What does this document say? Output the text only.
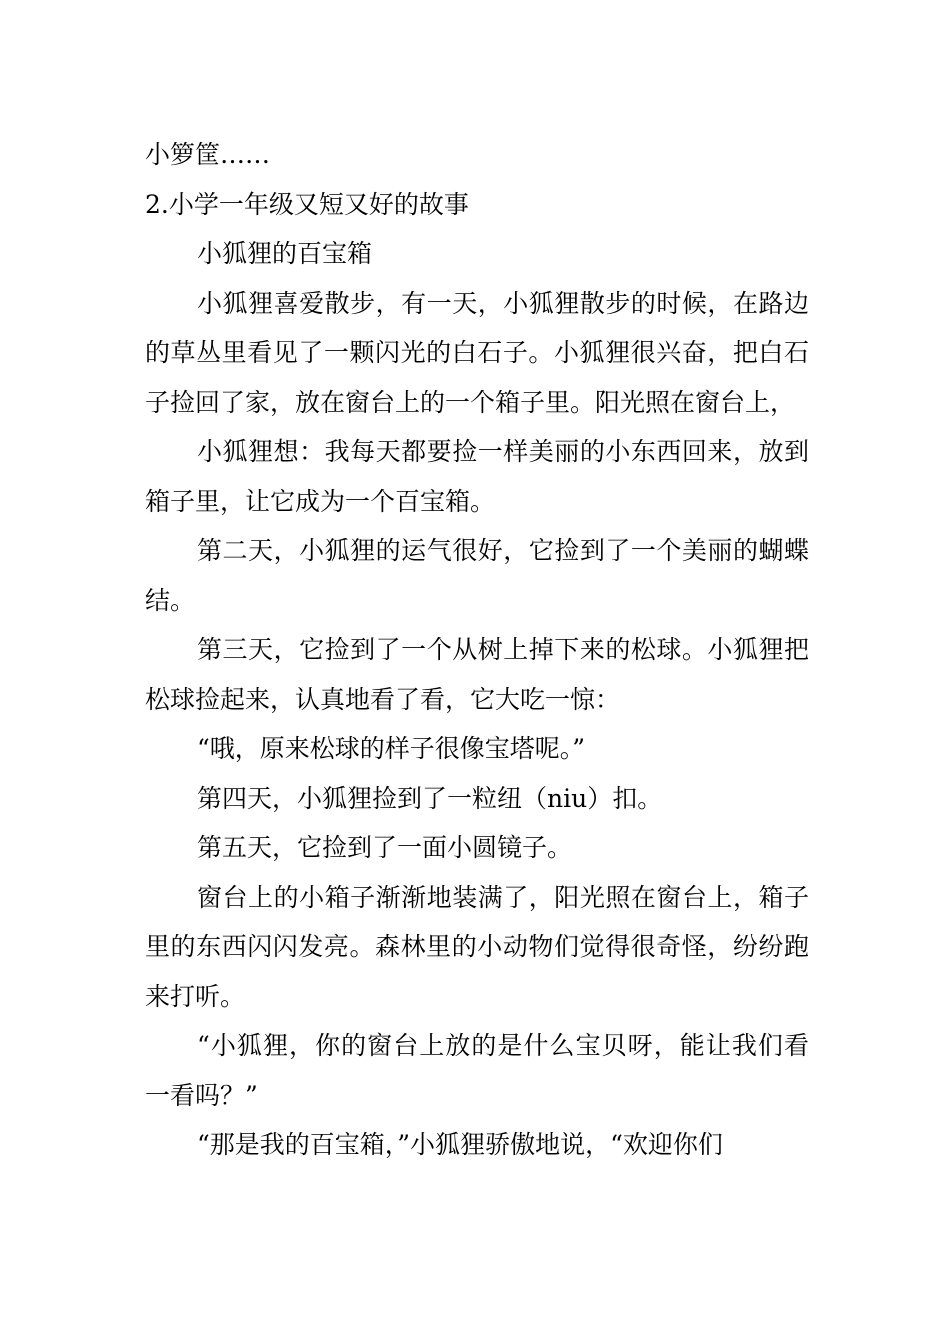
小箩筐……

2.小学一年级又短又好的故事

小狐狸的百宝箱

小狐狸喜爱散步，有一天，小狐狸散步的时候，在路边的草丛里看见了一颗闪光的白石子。小狐狸很兴奋，把白石子捡回了家，放在窗台上的一个箱子里。阳光照在窗台上，

小狐狸想：我每天都要捡一样美丽的小东西回来，放到箱子里，让它成为一个百宝箱。

第二天，小狐狸的运气很好，它捡到了一个美丽的蝴蝶结。

第三天，它捡到了一个从树上掉下来的松球。小狐狸把松球捡起来，认真地看了看，它大吃一惊：

“哦，原来松球的样子很像宝塔呢。”

第四天，小狐狸捡到了一粒纽（niu）扣。

第五天，它捡到了一面小圆镜子。

窗台上的小箱子渐渐地装满了，阳光照在窗台上，箱子里的东西闪闪发亮。森林里的小动物们觉得很奇怪，纷纷跑来打听。

“小狐狸，你的窗台上放的是什么宝贝呀，能让我们看一看吗？”

“那是我的百宝箱，”小狐狸骄傲地说，“欢迎你们
